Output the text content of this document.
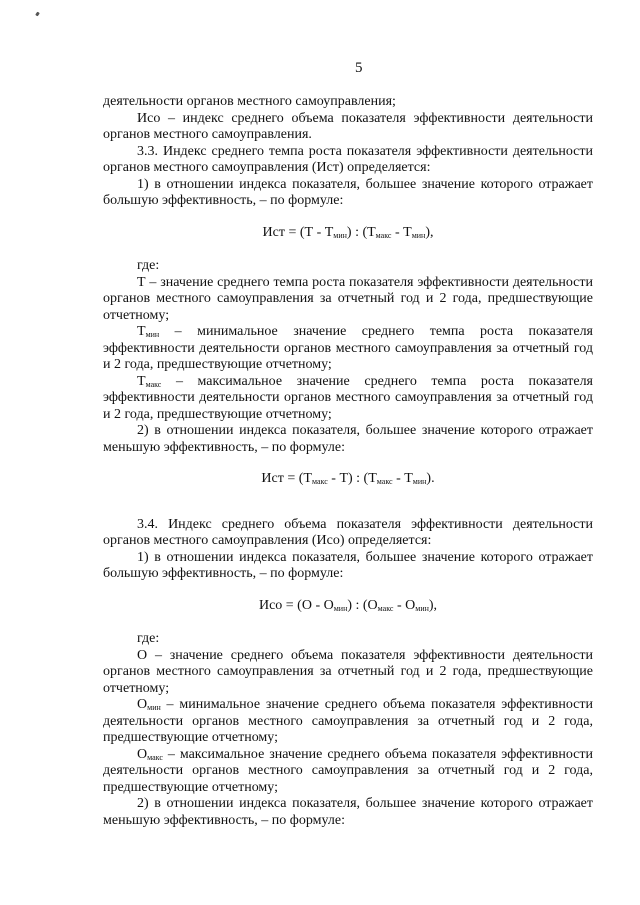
5

деятельности органов местного самоуправления;

Исо – индекс среднего объема показателя эффективности деятельности органов местного самоуправления.

3.3. Индекс среднего темпа роста показателя эффективности деятельности органов местного самоуправления (Ист) определяется:

1) в отношении индекса показателя, большее значение которого отражает большую эффективность, – по формуле:

Ист = $(Т - Т_{мин})$ : $(Т_{макс} - Т_{мин})$,

где:

Т – значение среднего темпа роста показателя эффективности деятельности органов местного самоуправления за отчетный год и 2 года, предшествующие отчетному;

$Т_{мин}$ – минимальное значение среднего темпа роста показателя эффективности деятельности органов местного самоуправления за отчетный год и 2 года, предшествующие отчетному;

$Т_{макс}$ – максимальное значение среднего темпа роста показателя эффективности деятельности органов местного самоуправления за отчетный год и 2 года, предшествующие отчетному;

2) в отношении индекса показателя, большее значение которого отражает меньшую эффективность, – по формуле:

Ист = $(Т_{макс} - Т)$ : $(Т_{макс} - Т_{мин})$.

3.4. Индекс среднего объема показателя эффективности деятельности органов местного самоуправления (Исо) определяется:

1) в отношении индекса показателя, большее значение которого отражает большую эффективность, – по формуле:

Исо = $(О - О_{мин})$ : $(О_{макс} - О_{мин})$,

где:

О – значение среднего объема показателя эффективности деятельности органов местного самоуправления за отчетный год и 2 года, предшествующие отчетному;

$О_{мин}$ – минимальное значение среднего объема показателя эффективности деятельности органов местного самоуправления за отчетный год и 2 года, предшествующие отчетному;

$О_{макс}$ – максимальное значение среднего объема показателя эффективности деятельности органов местного самоуправления за отчетный год и 2 года, предшествующие отчетному;

2) в отношении индекса показателя, большее значение которого отражает меньшую эффективность, – по формуле:
